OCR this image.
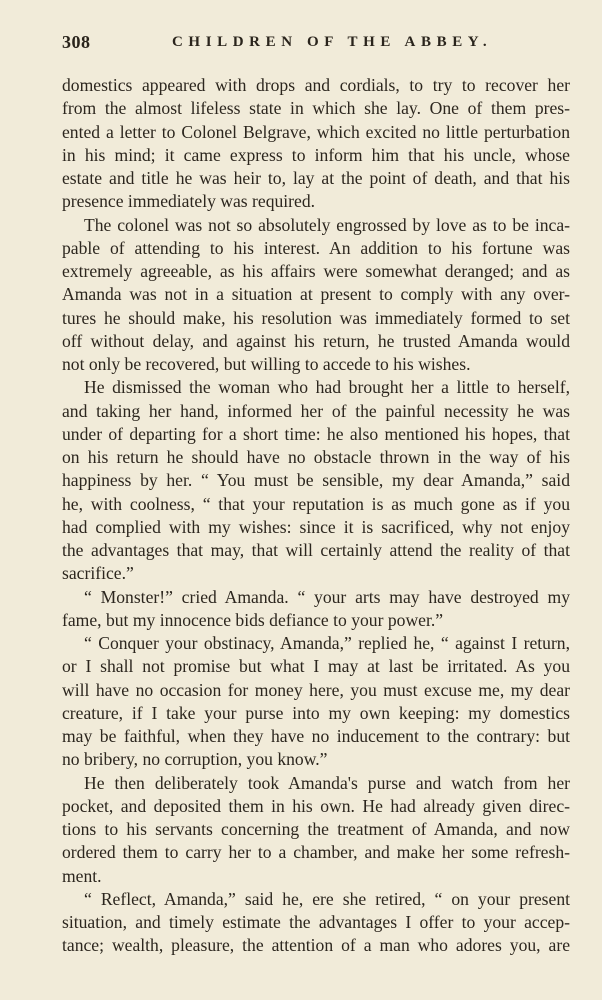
308	CHILDREN OF THE ABBEY.
domestics appeared with drops and cordials, to try to recover her
from the almost lifeless state in which she lay. One of them pres-
ented a letter to Colonel Belgrave, which excited no little perturbation
in his mind; it came express to inform him that his uncle, whose
estate and title he was heir to, lay at the point of death, and that his
presence immediately was required.
The colonel was not so absolutely engrossed by love as to be inca-
pable of attending to his interest. An addition to his fortune was
extremely agreeable, as his affairs were somewhat deranged; and as
Amanda was not in a situation at present to comply with any over-
tures he should make, his resolution was immediately formed to set
off without delay, and against his return, he trusted Amanda would
not only be recovered, but willing to accede to his wishes.
He dismissed the woman who had brought her a little to herself,
and taking her hand, informed her of the painful necessity he was
under of departing for a short time: he also mentioned his hopes, that
on his return he should have no obstacle thrown in the way of his
happiness by her. “ You must be sensible, my dear Amanda,” said
he, with coolness, “ that your reputation is as much gone as if you
had complied with my wishes: since it is sacrificed, why not enjoy
the advantages that may, that will certainly attend the reality of that
sacrifice.”
“ Monster!” cried Amanda. “ your arts may have destroyed my
fame, but my innocence bids defiance to your power.”
“ Conquer your obstinacy, Amanda,” replied he, “ against I return,
or I shall not promise but what I may at last be irritated. As you
will have no occasion for money here, you must excuse me, my dear
creature, if I take your purse into my own keeping: my domestics
may be faithful, when they have no inducement to the contrary: but
no bribery, no corruption, you know.”
He then deliberately took Amanda's purse and watch from her
pocket, and deposited them in his own. He had already given direc-
tions to his servants concerning the treatment of Amanda, and now
ordered them to carry her to a chamber, and make her some refresh-
ment.
“ Reflect, Amanda,” said he, ere she retired, “ on your present
situation, and timely estimate the advantages I offer to your accep-
tance; wealth, pleasure, the attention of a man who adores you, are
